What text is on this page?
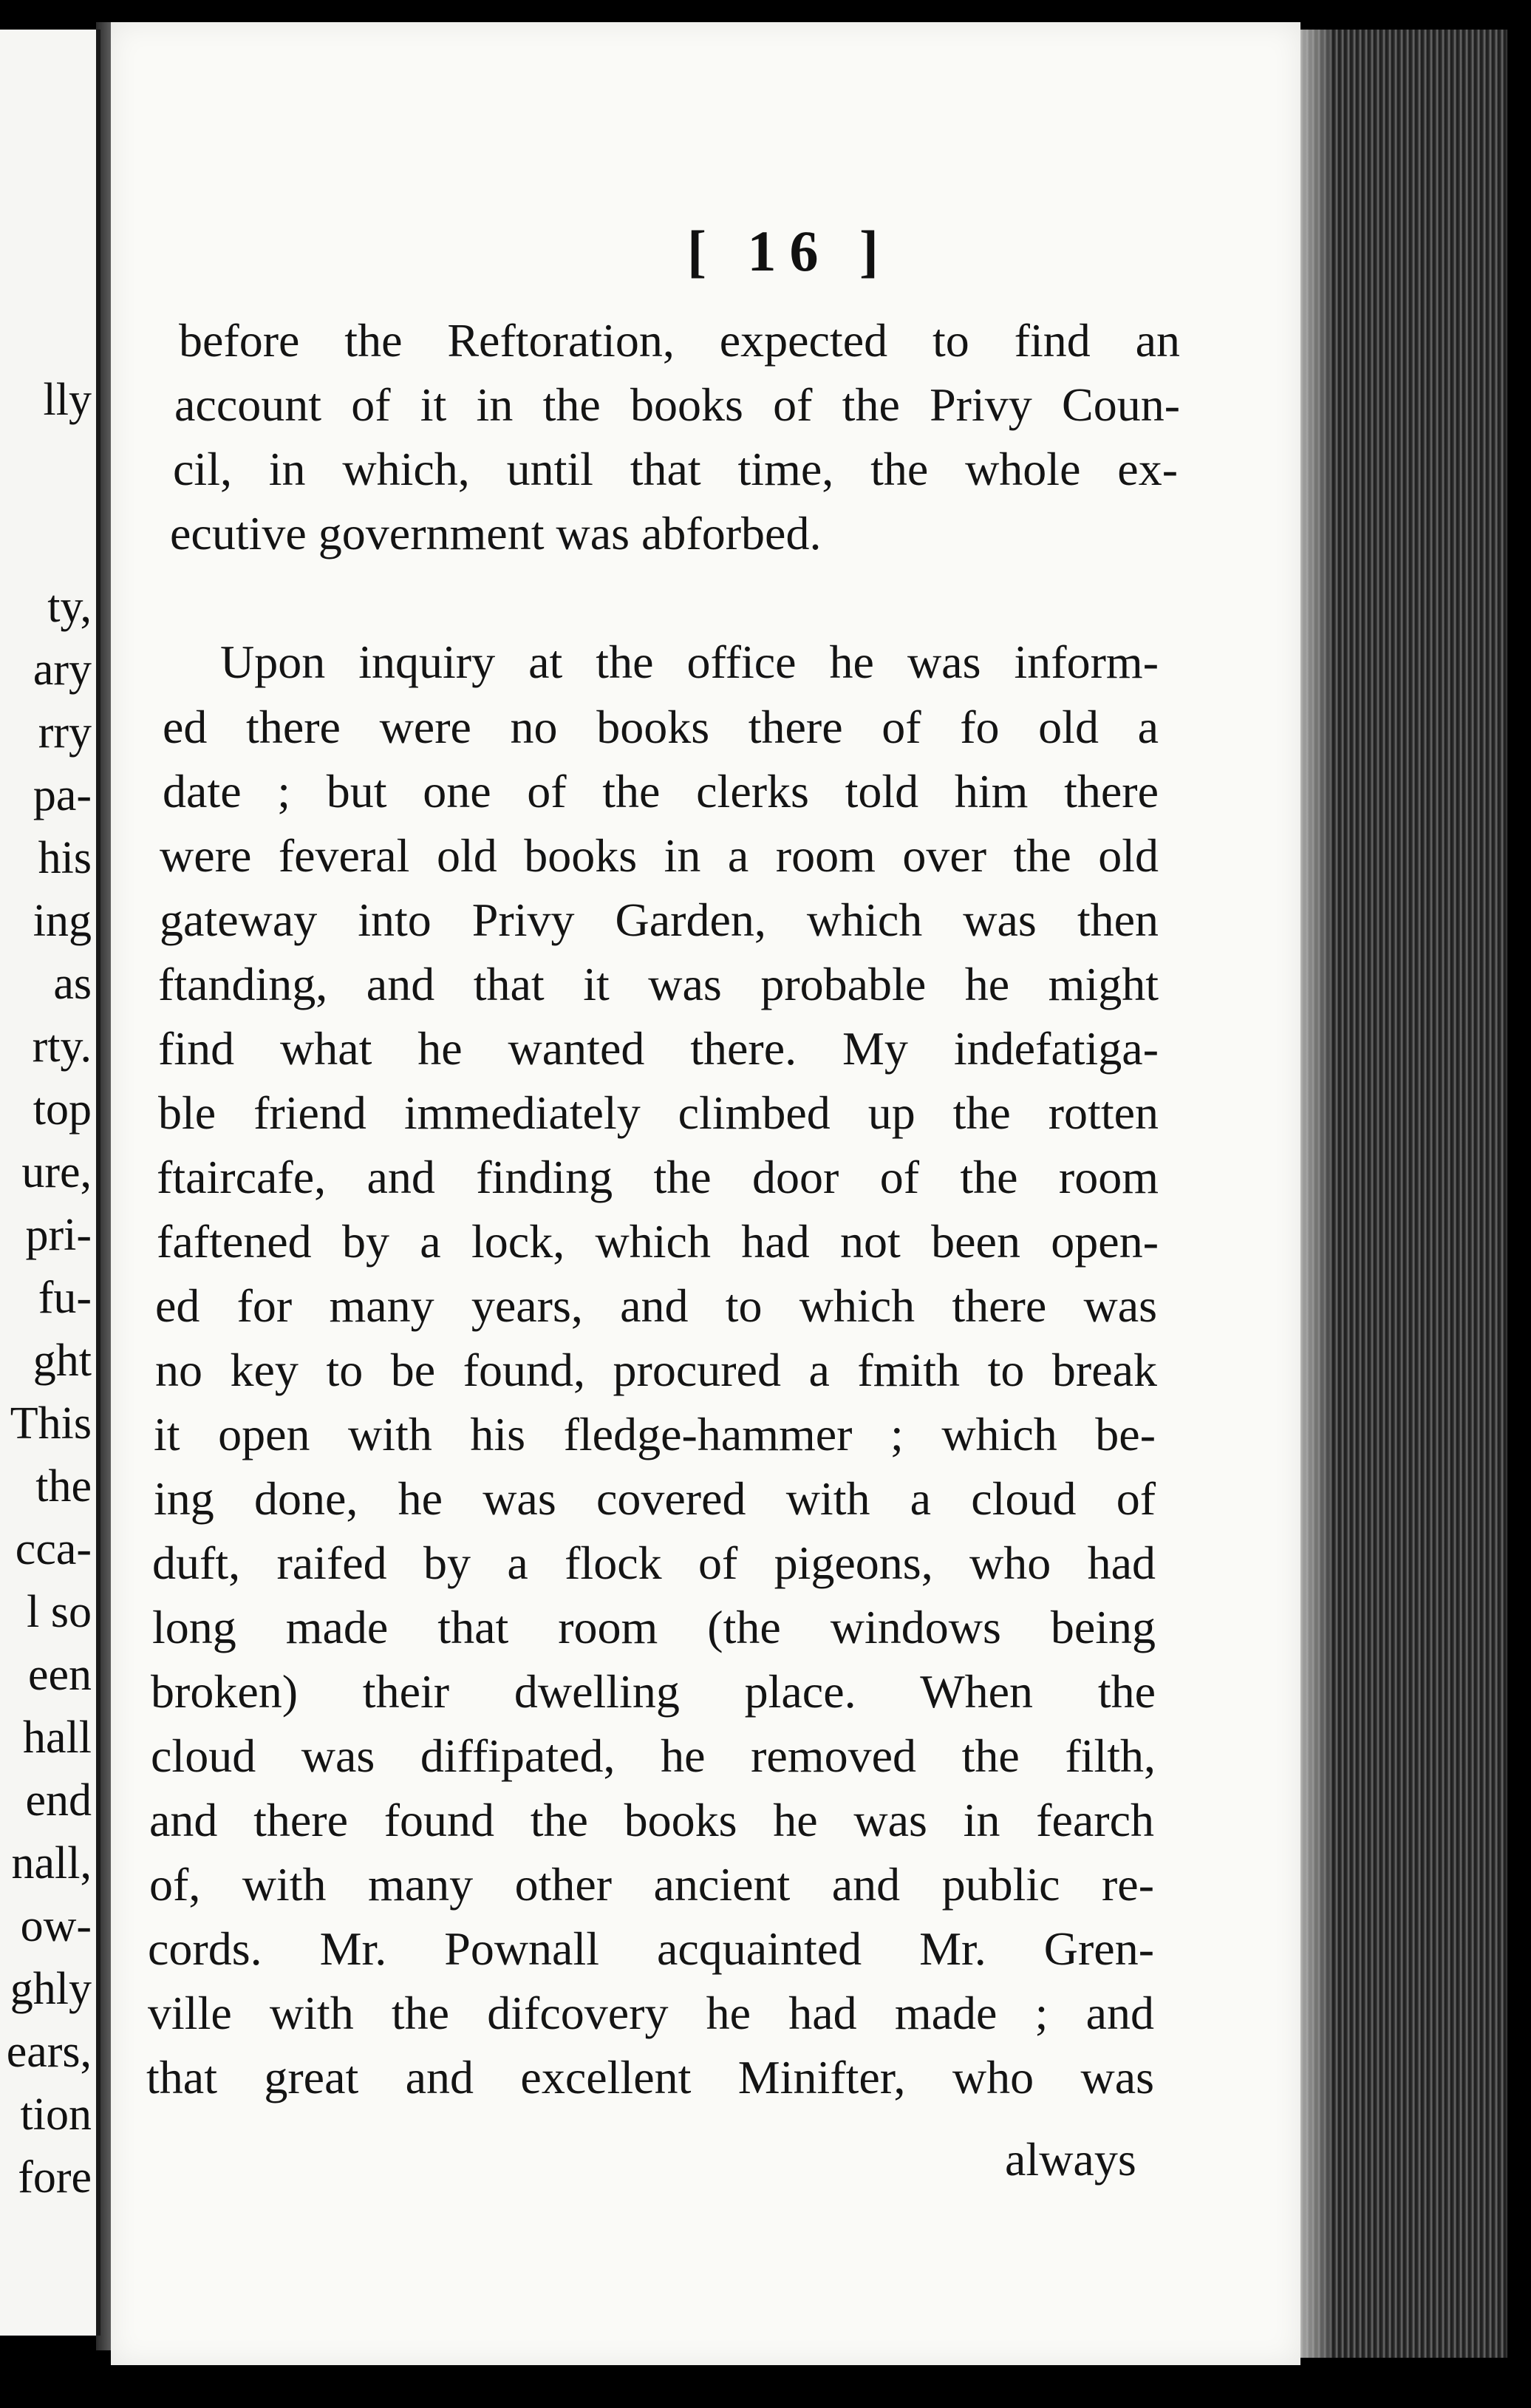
lly

ty,

ary

rry

pa-

his

ing

as

rty.

top

ure,

pri-

fu-

ght

This

the

cca-

l so

een

hall

end

nall,

ow-

ghly

ears,

tion

fore

[ 16 ]

before the Reftoration, expected to find an

account of it in the books of the Privy Coun-

cil, in which, until that time, the whole ex-

ecutive government was abforbed.

Upon inquiry at the office he was inform-

ed there were no books there of fo old a

date ; but one of the clerks told him there

were feveral old books in a room over the old

gateway into Privy Garden, which was then

ftanding, and that it was probable he might

find what he wanted there. My indefatiga-

ble friend immediately climbed up the rotten

ftaircafe, and finding the door of the room

faftened by a lock, which had not been open-

ed for many years, and to which there was

no key to be found, procured a fmith to break

it open with his fledge-hammer ; which be-

ing done, he was covered with a cloud of

duft, raifed by a flock of pigeons, who had

long made that room (the windows being

broken) their dwelling place. When the

cloud was diffipated, he removed the filth,

and there found the books he was in fearch

of, with many other ancient and public re-

cords. Mr. Pownall acquainted Mr. Gren-

ville with the difcovery he had made ; and

that great and excellent Minifter, who was

always
